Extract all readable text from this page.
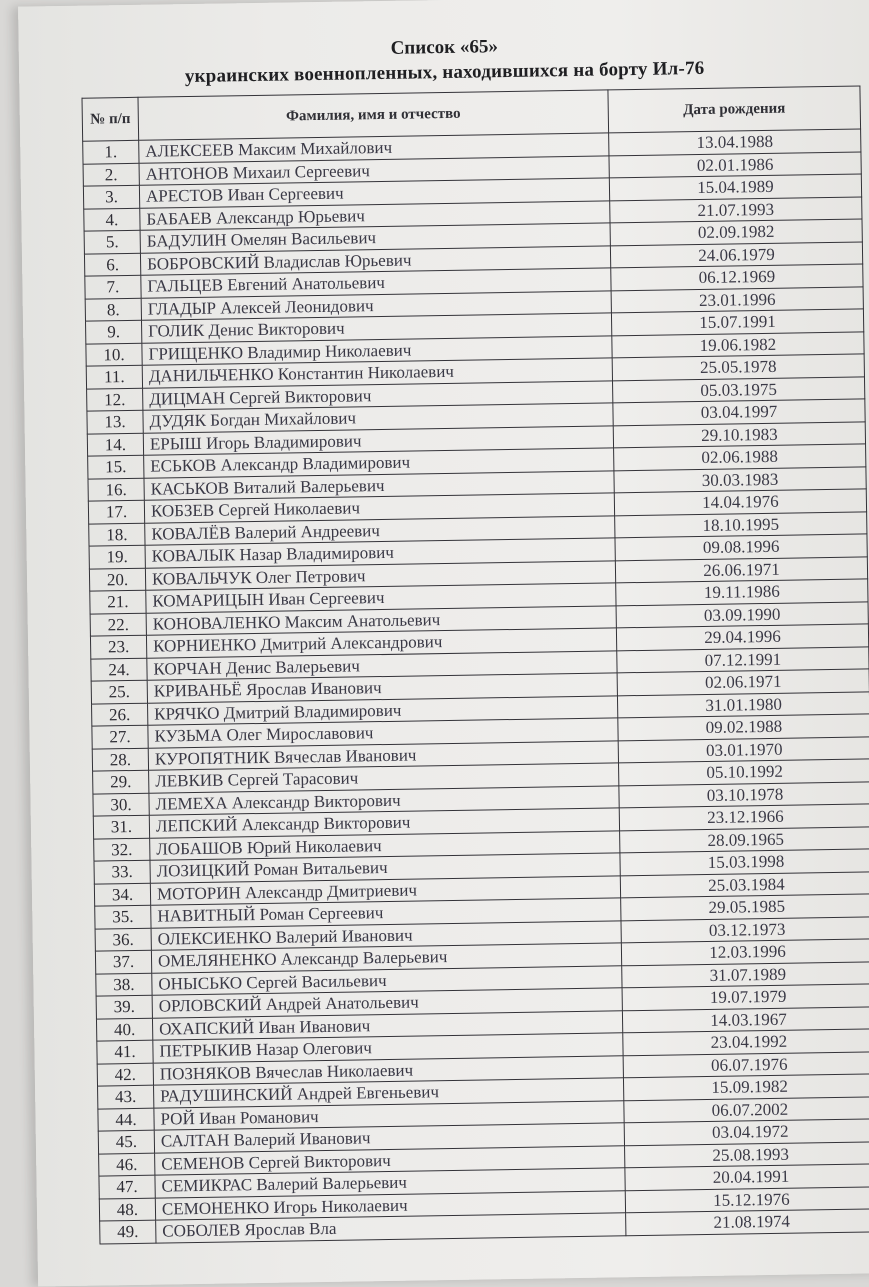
Список «65»
украинских военнопленных, находившихся на борту Ил-76
№ п/п	Фамилия, имя и отчество	Дата рождения
1.	АЛЕКСЕЕВ Максим Михайлович	13.04.1988
2.	АНТОНОВ Михаил Сергеевич	02.01.1986
3.	АРЕСТОВ Иван Сергеевич	15.04.1989
4.	БАБАЕВ Александр Юрьевич	21.07.1993
5.	БАДУЛИН Омелян Васильевич	02.09.1982
6.	БОБРОВСКИЙ Владислав Юрьевич	24.06.1979
7.	ГАЛЬЦЕВ Евгений Анатольевич	06.12.1969
8.	ГЛАДЫР Алексей Леонидович	23.01.1996
9.	ГОЛИК Денис Викторович	15.07.1991
10.	ГРИЩЕНКО Владимир Николаевич	19.06.1982
11.	ДАНИЛЬЧЕНКО Константин Николаевич	25.05.1978
12.	ДИЦМАН Сергей Викторович	05.03.1975
13.	ДУДЯК Богдан Михайлович	03.04.1997
14.	ЕРЫШ Игорь Владимирович	29.10.1983
15.	ЕСЬКОВ Александр Владимирович	02.06.1988
16.	КАСЬКОВ Виталий Валерьевич	30.03.1983
17.	КОБЗЕВ Сергей Николаевич	14.04.1976
18.	КОВАЛЁВ Валерий Андреевич	18.10.1995
19.	КОВАЛЫК Назар Владимирович	09.08.1996
20.	КОВАЛЬЧУК Олег Петрович	26.06.1971
21.	КОМАРИЦЫН Иван Сергеевич	19.11.1986
22.	КОНОВАЛЕНКО Максим Анатольевич	03.09.1990
23.	КОРНИЕНКО Дмитрий Александрович	29.04.1996
24.	КОРЧАН Денис Валерьевич	07.12.1991
25.	КРИВАНЬЁ Ярослав Иванович	02.06.1971
26.	КРЯЧКО Дмитрий Владимирович	31.01.1980
27.	КУЗЬМА Олег Мирославович	09.02.1988
28.	КУРОПЯТНИК Вячеслав Иванович	03.01.1970
29.	ЛЕВКИВ Сергей Тарасович	05.10.1992
30.	ЛЕМЕХА Александр Викторович	03.10.1978
31.	ЛЕПСКИЙ Александр Викторович	23.12.1966
32.	ЛОБАШОВ Юрий Николаевич	28.09.1965
33.	ЛОЗИЦКИЙ Роман Витальевич	15.03.1998
34.	МОТОРИН Александр Дмитриевич	25.03.1984
35.	НАВИТНЫЙ Роман Сергеевич	29.05.1985
36.	ОЛЕКСИЕНКО Валерий Иванович	03.12.1973
37.	ОМЕЛЯНЕНКО Александр Валерьевич	12.03.1996
38.	ОНЫСЬКО Сергей Васильевич	31.07.1989
39.	ОРЛОВСКИЙ Андрей Анатольевич	19.07.1979
40.	ОХАПСКИЙ Иван Иванович	14.03.1967
41.	ПЕТРЫКИВ Назар Олегович	23.04.1992
42.	ПОЗНЯКОВ Вячеслав Николаевич	06.07.1976
43.	РАДУШИНСКИЙ Андрей Евгеньевич	15.09.1982
44.	РОЙ Иван Романович	06.07.2002
45.	САЛТАН Валерий Иванович	03.04.1972
46.	СЕМЕНОВ Сергей Викторович	25.08.1993
47.	СЕМИКРАС Валерий Валерьевич	20.04.1991
48.	СЕМОНЕНКО Игорь Николаевич	15.12.1976
49.	СОБОЛЕВ Ярослав Вла	21.08.1974
